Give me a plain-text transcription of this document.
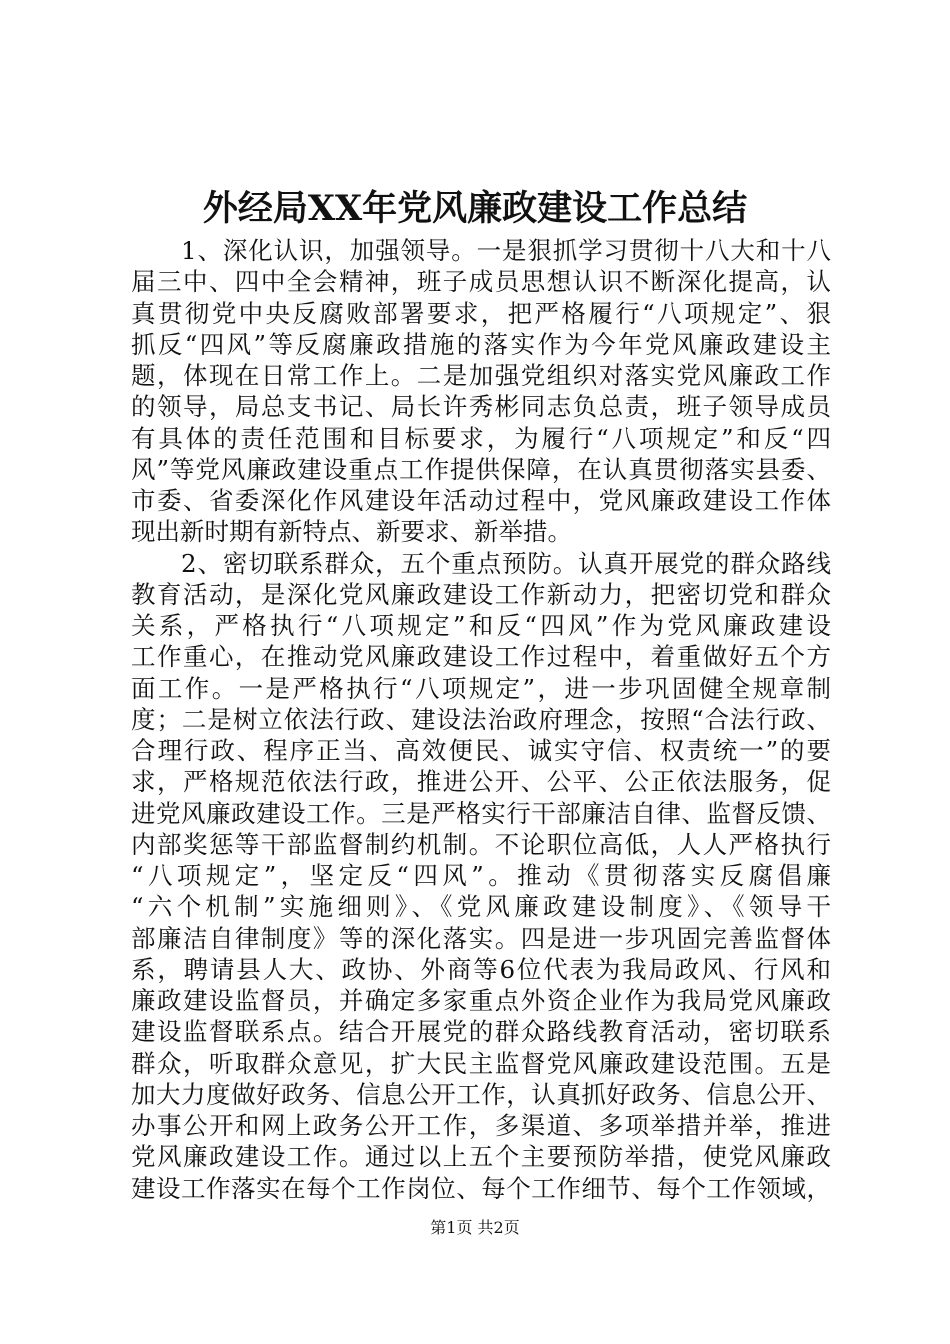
外经局XX年党风廉政建设工作总结
1、深化认识，加强领导。一是狠抓学习贯彻十八大和十八
届三中、四中全会精神，班子成员思想认识不断深化提高，认
真贯彻党中央反腐败部署要求，把严格履行“八项规定”、狠
抓反“四风”等反腐廉政措施的落实作为今年党风廉政建设主
题，体现在日常工作上。二是加强党组织对落实党风廉政工作
的领导，局总支书记、局长许秀彬同志负总责，班子领导成员
有具体的责任范围和目标要求，为履行“八项规定”和反“四
风”等党风廉政建设重点工作提供保障，在认真贯彻落实县委、
市委、省委深化作风建设年活动过程中，党风廉政建设工作体
现出新时期有新特点、新要求、新举措。
2、密切联系群众，五个重点预防。认真开展党的群众路线
教育活动，是深化党风廉政建设工作新动力，把密切党和群众
关系，严格执行“八项规定”和反“四风”作为党风廉政建设
工作重心，在推动党风廉政建设工作过程中，着重做好五个方
面工作。一是严格执行“八项规定”，进一步巩固健全规章制
度；二是树立依法行政、建设法治政府理念，按照“合法行政、
合理行政、程序正当、高效便民、诚实守信、权责统一”的要
求，严格规范依法行政，推进公开、公平、公正依法服务，促
进党风廉政建设工作。三是严格实行干部廉洁自律、监督反馈、
内部奖惩等干部监督制约机制。不论职位高低，人人严格执行
“八项规定”，坚定反“四风”。推动《贯彻落实反腐倡廉
“六个机制”实施细则》、《党风廉政建设制度》、《领导干
部廉洁自律制度》等的深化落实。四是进一步巩固完善监督体
系，聘请县人大、政协、外商等6位代表为我局政风、行风和
廉政建设监督员，并确定多家重点外资企业作为我局党风廉政
建设监督联系点。结合开展党的群众路线教育活动，密切联系
群众，听取群众意见，扩大民主监督党风廉政建设范围。五是
加大力度做好政务、信息公开工作，认真抓好政务、信息公开、
办事公开和网上政务公开工作，多渠道、多项举措并举，推进
党风廉政建设工作。通过以上五个主要预防举措，使党风廉政
建设工作落实在每个工作岗位、每个工作细节、每个工作领域，
第1页 共2页
